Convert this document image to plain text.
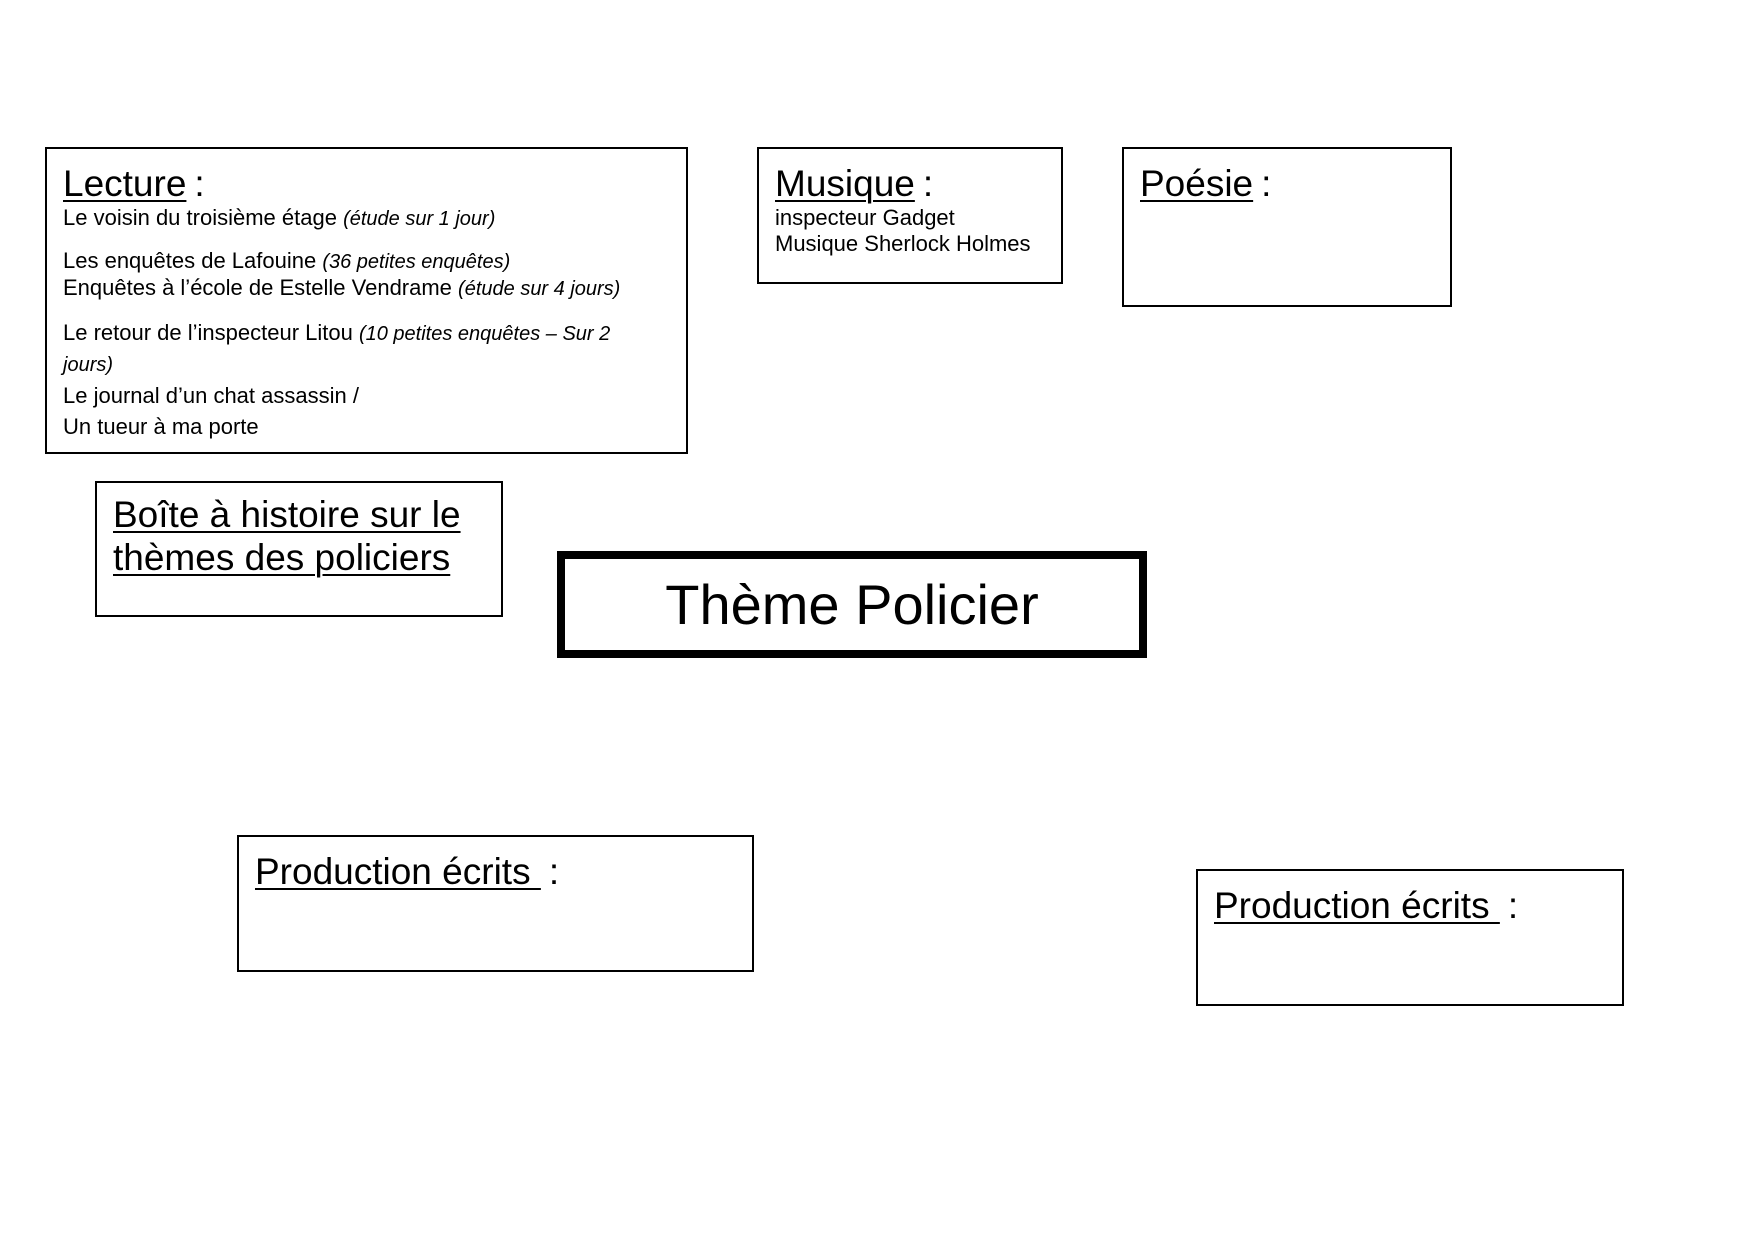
Lecture :
Le voisin du troisième étage (étude sur 1 jour)
Les enquêtes de Lafouine (36 petites enquêtes)
Enquêtes à l’école de Estelle Vendrame (étude sur 4 jours)
Le retour de l’inspecteur Litou (10 petites enquêtes – Sur 2 jours)
Le journal d’un chat assassin /
Un tueur à ma porte
Musique :
inspecteur Gadget
Musique Sherlock Holmes
Poésie :
Boîte à histoire sur le thèmes des policiers
Thème Policier
Production écrits :
Production écrits :
